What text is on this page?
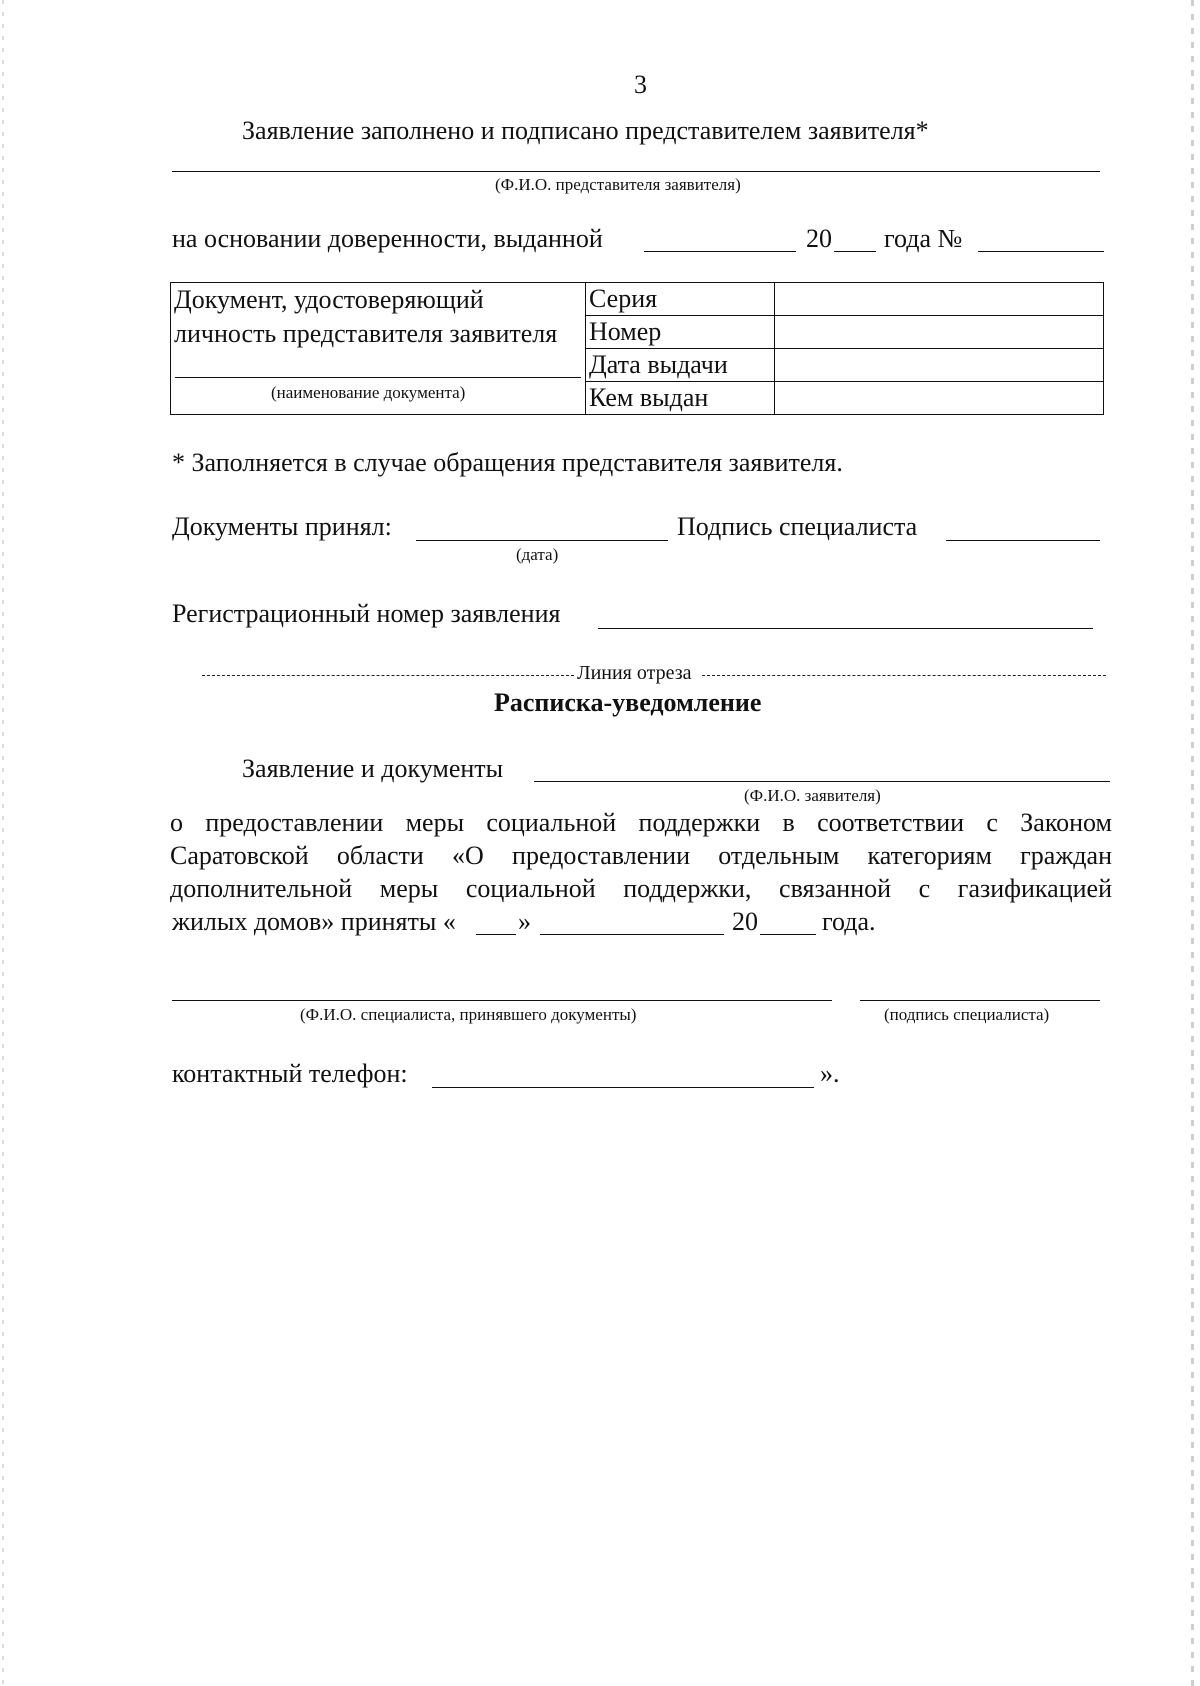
3
Заявление заполнено и подписано представителем заявителя*
(Ф.И.О. представителя заявителя)
на основании доверенности, выданной	20 года №
Документ, удостоверяющий
личность представителя заявителя
(наименование документа)	Серия	
	Номер	
	Дата выдачи	
	Кем выдан	
* Заполняется в случае обращения представителя заявителя.
Документы принял:
(дата)
Подпись специалиста
Регистрационный номер заявления
Линия отреза
Расписка-уведомление
Заявление и документы
(Ф.И.О. заявителя)
о предоставлении меры социальной поддержки в соответствии с Законом
Саратовской области «О предоставлении отдельным категориям граждан
дополнительной меры социальной поддержки, связанной с газификацией
жилых домов» приняты « »	20 года.
(Ф.И.О. специалиста, принявшего документы)	(подпись специалиста)
контактный телефон:	».
